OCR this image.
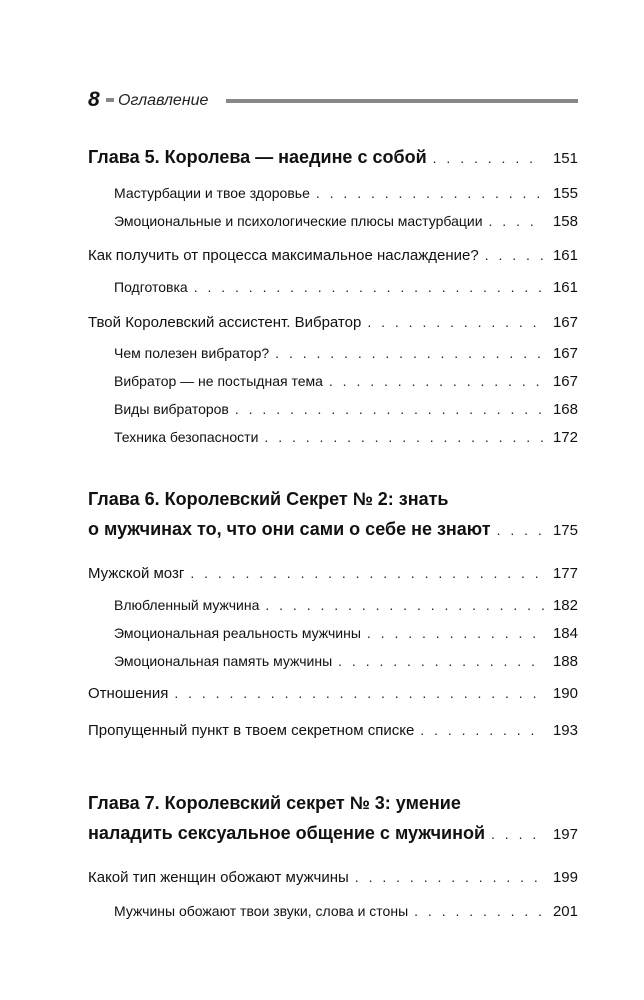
8 Оглавление
Глава 5. Королева — наедине с собой . . .	151
Мастурбации и твое здоровье . . .	155
Эмоциональные и психологические плюсы мастурбации . . .	158
Как получить от процесса максимальное наслаждение? . . .	161
Подготовка . . .	161
Твой Королевский ассистент. Вибратор . . .	167
Чем полезен вибратор? . . .	167
Вибратор — не постыдная тема . . .	167
Виды вибраторов . . .	168
Техника безопасности . . .	172
Глава 6. Королевский Секрет № 2: знать
о мужчинах то, что они сами о себе не знают . . .	175
Мужской мозг . . .	177
Влюбленный мужчина . . .	182
Эмоциональная реальность мужчины . . .	184
Эмоциональная память мужчины . . .	188
Отношения . . .	190
Пропущенный пункт в твоем секретном списке . . .	193
Глава 7. Королевский секрет № 3: умение
наладить сексуальное общение с мужчиной . . .	197
Какой тип женщин обожают мужчины . . .	199
Мужчины обожают твои звуки, слова и стоны . . .	201
